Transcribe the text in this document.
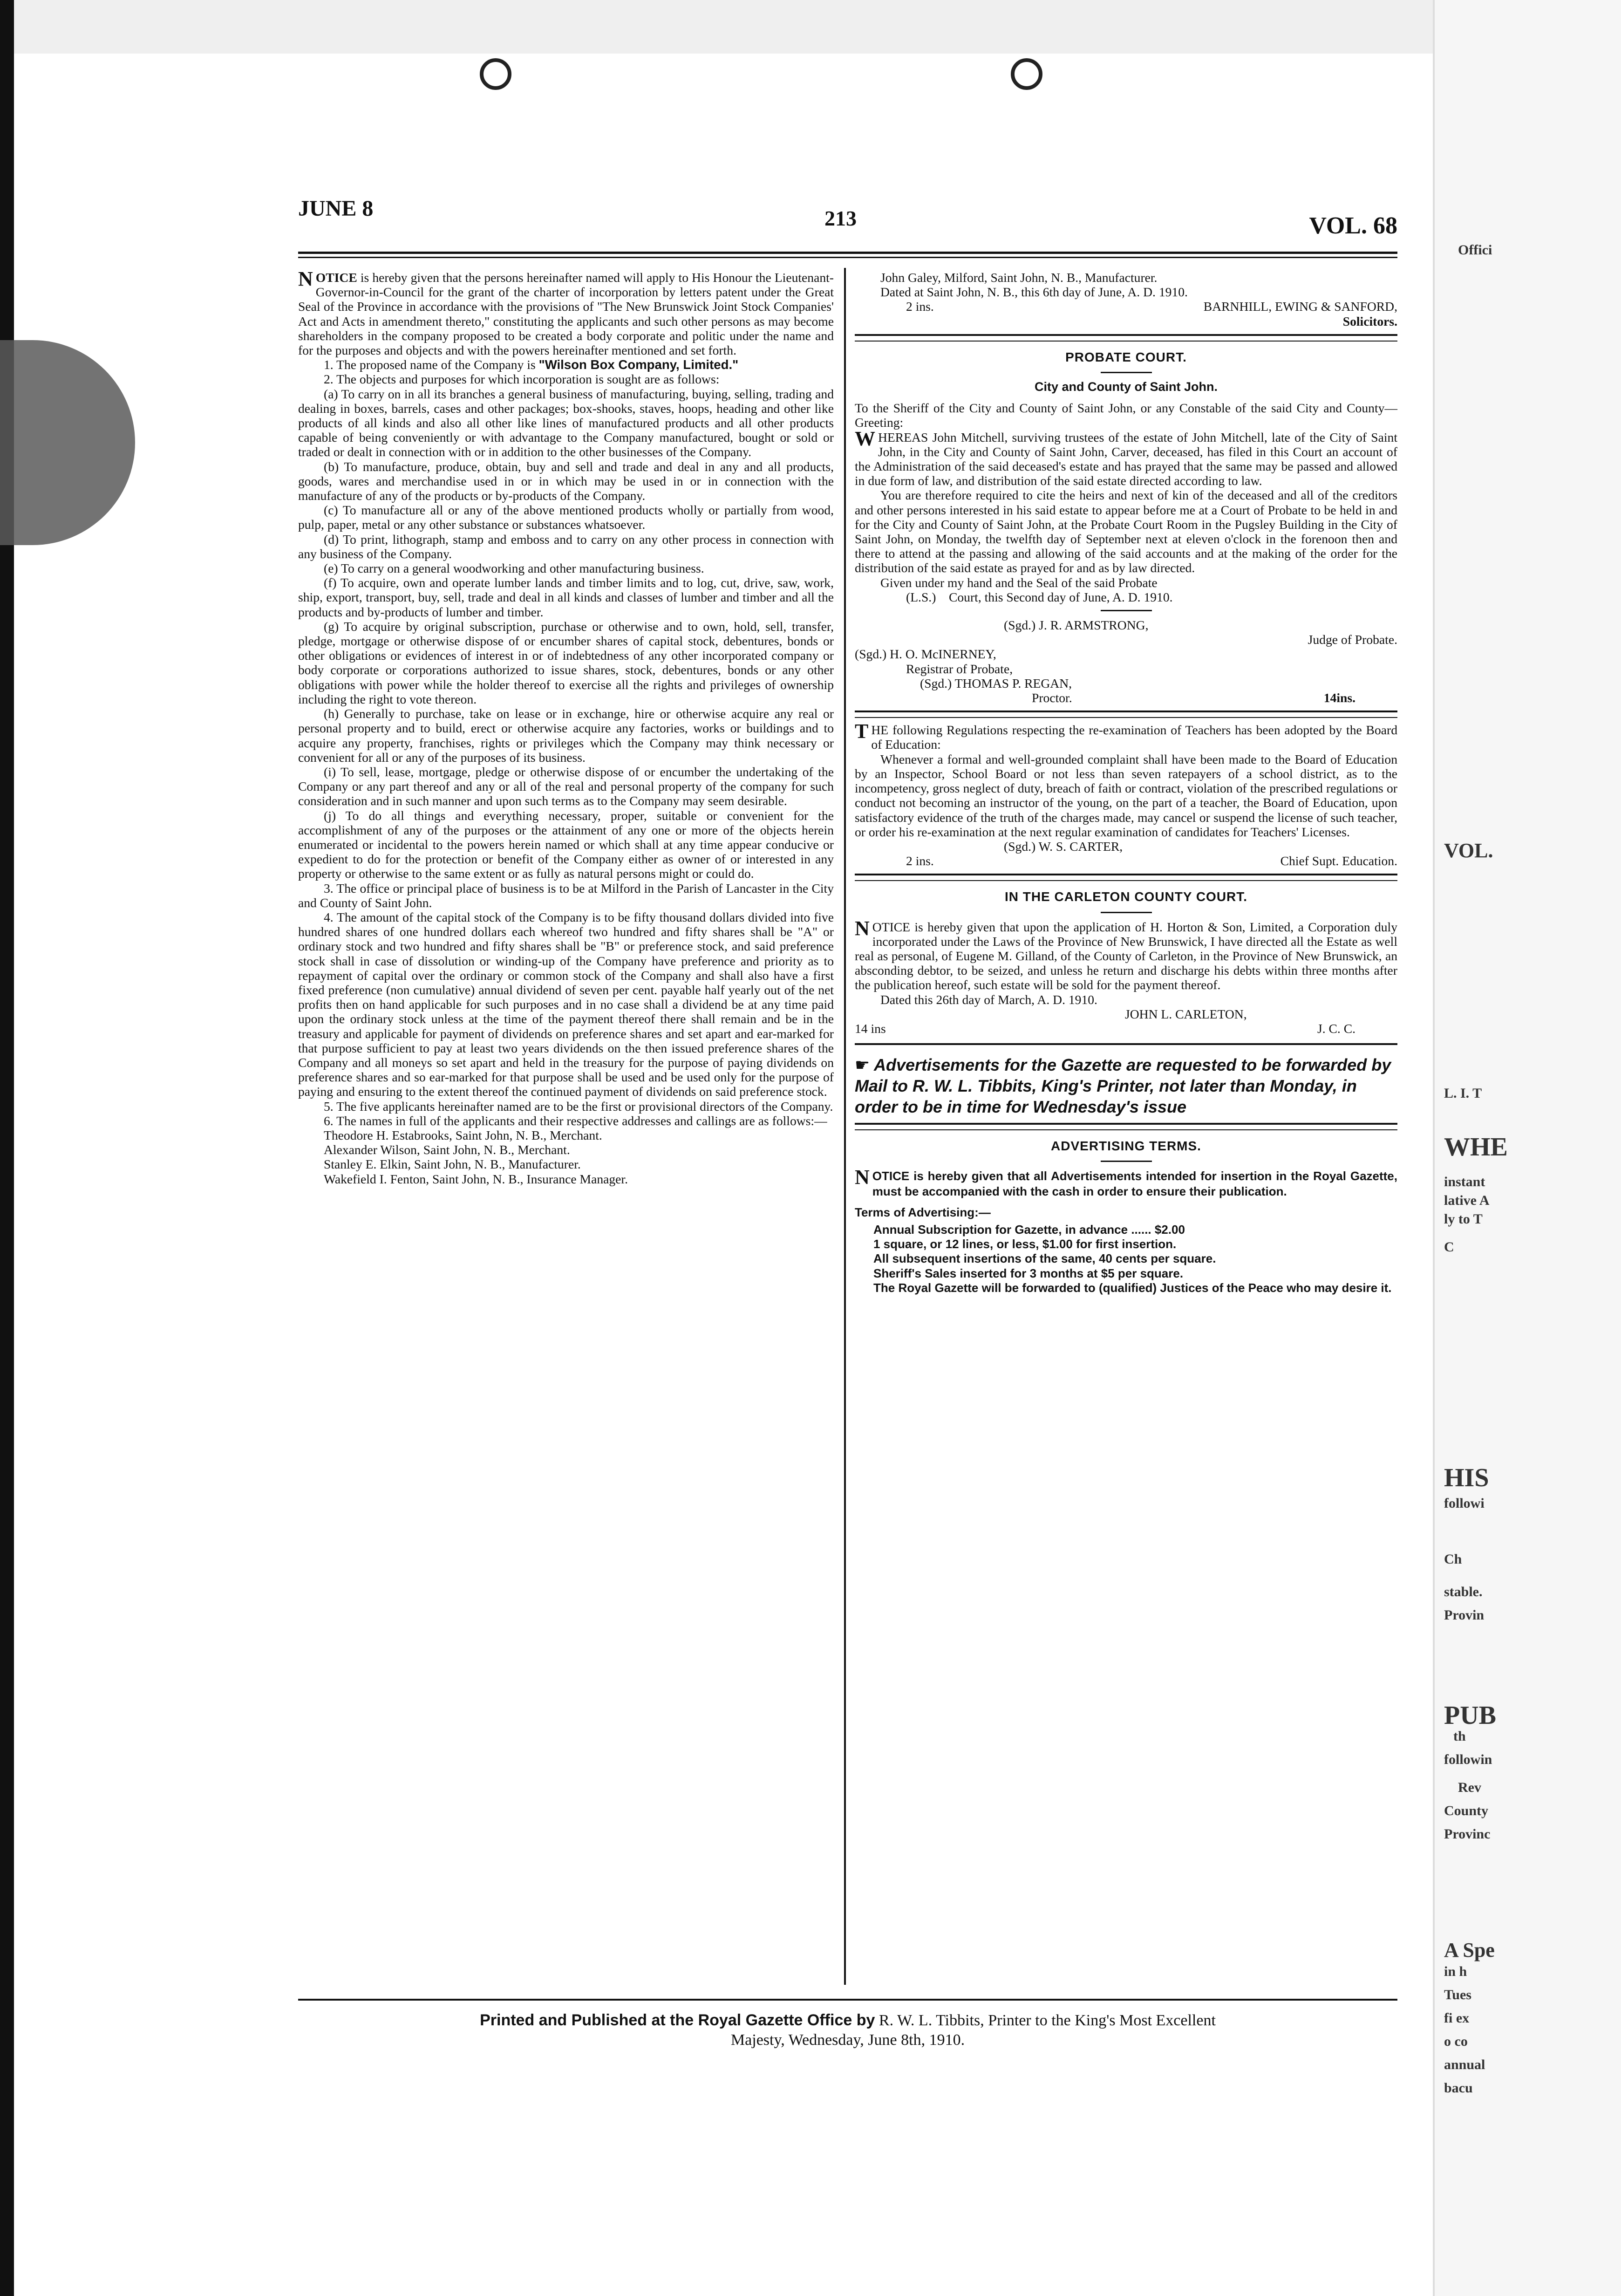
Offici
VOL.
L. I. T
WHE
instant
lative A
ly to T
C
HIS
followi
Ch
stable.
Provin
PUB
th
followin
Rev
County
Provinc
A Spe
in h
Tues
fi ex
o co
annual
bacu
JUNE 8	213	VOL. 68

NOTICE is hereby given that the persons hereinafter named will apply to His Honour the Lieutenant-Governor-in-Council for the grant of the charter of incorporation by letters patent under the Great Seal of the Province in accordance with the provisions of "The New Brunswick Joint Stock Companies' Act and Acts in amendment thereto," constituting the applicants and such other persons as may become shareholders in the company proposed to be created a body corporate and politic under the name and for the purposes and objects and with the powers hereinafter mentioned and set forth.

1. The proposed name of the Company is "Wilson Box Company, Limited."

2. The objects and purposes for which incorporation is sought are as follows:

(a) To carry on in all its branches a general business of manufacturing, buying, selling, trading and dealing in boxes, barrels, cases and other packages; box-shooks, staves, hoops, heading and other like products of all kinds and also all other like lines of manufactured products and all other products capable of being conveniently or with advantage to the Company manufactured, bought or sold or traded or dealt in connection with or in addition to the other businesses of the Company.

(b) To manufacture, produce, obtain, buy and sell and trade and deal in any and all products, goods, wares and merchandise used in or in which may be used in or in connection with the manufacture of any of the products or by-products of the Company.

(c) To manufacture all or any of the above mentioned products wholly or partially from wood, pulp, paper, metal or any other substance or substances whatsoever.

(d) To print, lithograph, stamp and emboss and to carry on any other process in connection with any business of the Company.

(e) To carry on a general woodworking and other manufacturing business.

(f) To acquire, own and operate lumber lands and timber limits and to log, cut, drive, saw, work, ship, export, transport, buy, sell, trade and deal in all kinds and classes of lumber and timber and all the products and by-products of lumber and timber.

(g) To acquire by original subscription, purchase or otherwise and to own, hold, sell, transfer, pledge, mortgage or otherwise dispose of or encumber shares of capital stock, debentures, bonds or other obligations or evidences of interest in or of indebtedness of any other incorporated company or body corporate or corporations authorized to issue shares, stock, debentures, bonds or any other obligations with power while the holder thereof to exercise all the rights and privileges of ownership including the right to vote thereon.

(h) Generally to purchase, take on lease or in exchange, hire or otherwise acquire any real or personal property and to build, erect or otherwise acquire any factories, works or buildings and to acquire any property, franchises, rights or privileges which the Company may think necessary or convenient for all or any of the purposes of its business.

(i) To sell, lease, mortgage, pledge or otherwise dispose of or encumber the undertaking of the Company or any part thereof and any or all of the real and personal property of the company for such consideration and in such manner and upon such terms as to the Company may seem desirable.

(j) To do all things and everything necessary, proper, suitable or convenient for the accomplishment of any of the purposes or the attainment of any one or more of the objects herein enumerated or incidental to the powers herein named or which shall at any time appear conducive or expedient to do for the protection or benefit of the Company either as owner of or interested in any property or otherwise to the same extent or as fully as natural persons might or could do.

3. The office or principal place of business is to be at Milford in the Parish of Lancaster in the City and County of Saint John.

4. The amount of the capital stock of the Company is to be fifty thousand dollars divided into five hundred shares of one hundred dollars each whereof two hundred and fifty shares shall be "A" or ordinary stock and two hundred and fifty shares shall be "B" or preference stock, and said preference stock shall in case of dissolution or winding-up of the Company have preference and priority as to repayment of capital over the ordinary or common stock of the Company and shall also have a first fixed preference (non cumulative) annual dividend of seven per cent. payable half yearly out of the net profits then on hand applicable for such purposes and in no case shall a dividend be at any time paid upon the ordinary stock unless at the time of the payment thereof there shall remain and be in the treasury and applicable for payment of dividends on preference shares and set apart and ear-marked for that purpose sufficient to pay at least two years dividends on the then issued preference shares of the Company and all moneys so set apart and held in the treasury for the purpose of paying dividends on preference shares and so ear-marked for that purpose shall be used and be used only for the purpose of paying and ensuring to the extent thereof the continued payment of dividends on said preference stock.

5. The five applicants hereinafter named are to be the first or provisional directors of the Company.

6. The names in full of the applicants and their respective addresses and callings are as follows:—

Theodore H. Estabrooks, Saint John, N. B., Merchant.
Alexander Wilson, Saint John, N. B., Merchant.
Stanley E. Elkin, Saint John, N. B., Manufacturer.
Wakefield I. Fenton, Saint John, N. B., Insurance Manager.

John Galey, Milford, Saint John, N. B., Manufacturer.

Dated at Saint John, N. B., this 6th day of June, A. D. 1910.

2 ins.	BARNHILL, EWING & SANFORD,
Solicitors.
PROBATE COURT.
City and County of Saint John.

To the Sheriff of the City and County of Saint John, or any Constable of the said City and County—Greeting:

WHEREAS John Mitchell, surviving trustees of the estate of John Mitchell, late of the City of Saint John, in the City and County of Saint John, Carver, deceased, has filed in this Court an account of the Administration of the said deceased's estate and has prayed that the same may be passed and allowed in due form of law, and distribution of the said estate directed according to law.

You are therefore required to cite the heirs and next of kin of the deceased and all of the creditors and other persons interested in his said estate to appear before me at a Court of Probate to be held in and for the City and County of Saint John, at the Probate Court Room in the Pugsley Building in the City of Saint John, on Monday, the twelfth day of September next at eleven o'clock in the forenoon then and there to attend at the passing and allowing of the said accounts and at the making of the order for the distribution of the said estate as prayed for and as by law directed.

Given under my hand and the Seal of the said Probate

(L.S.) Court, this Second day of June, A. D. 1910.
(Sgd.) J. R. ARMSTRONG,
Judge of Probate.
(Sgd.) H. O. McINERNEY,
Registrar of Probate,
(Sgd.) THOMAS P. REGAN,
Proctor.	14ins.

THE following Regulations respecting the re-examination of Teachers has been adopted by the Board of Education:

Whenever a formal and well-grounded complaint shall have been made to the Board of Education by an Inspector, School Board or not less than seven ratepayers of a school district, as to the incompetency, gross neglect of duty, breach of faith or contract, violation of the prescribed regulations or conduct not becoming an instructor of the young, on the part of a teacher, the Board of Education, upon satisfactory evidence of the truth of the charges made, may cancel or suspend the license of such teacher, or order his re-examination at the next regular examination of candidates for Teachers' Licenses.

(Sgd.) W. S. CARTER,
2 ins.	Chief Supt. Education.
IN THE CARLETON COUNTY COURT.

NOTICE is hereby given that upon the application of H. Horton & Son, Limited, a Corporation duly incorporated under the Laws of the Province of New Brunswick, I have directed all the Estate as well real as personal, of Eugene M. Gilland, of the County of Carleton, in the Province of New Brunswick, an absconding debtor, to be seized, and unless he return and discharge his debts within three months after the publication hereof, such estate will be sold for the payment thereof.

Dated this 26th day of March, A. D. 1910.

JOHN L. CARLETON,
14 ins	J. C. C.
☛ Advertisements for the Gazette are requested to be forwarded by Mail to R. W. L. Tibbits, King's Printer, not later than Monday, in order to be in time for Wednesday's issue
ADVERTISING TERMS.

NOTICE is hereby given that all Advertisements intended for insertion in the Royal Gazette, must be accompanied with the cash in order to ensure their publication.

Terms of Advertising:—
Annual Subscription for Gazette, in advance ...... $2.00
1 square, or 12 lines, or less, $1.00 for first insertion.
All subsequent insertions of the same, 40 cents per square.
Sheriff's Sales inserted for 3 months at $5 per square.
The Royal Gazette will be forwarded to (qualified) Justices of the Peace who may desire it.
Printed and Published at the Royal Gazette Office by R. W. L. Tibbits, Printer to the King's Most Excellent
Majesty, Wednesday, June 8th, 1910.
